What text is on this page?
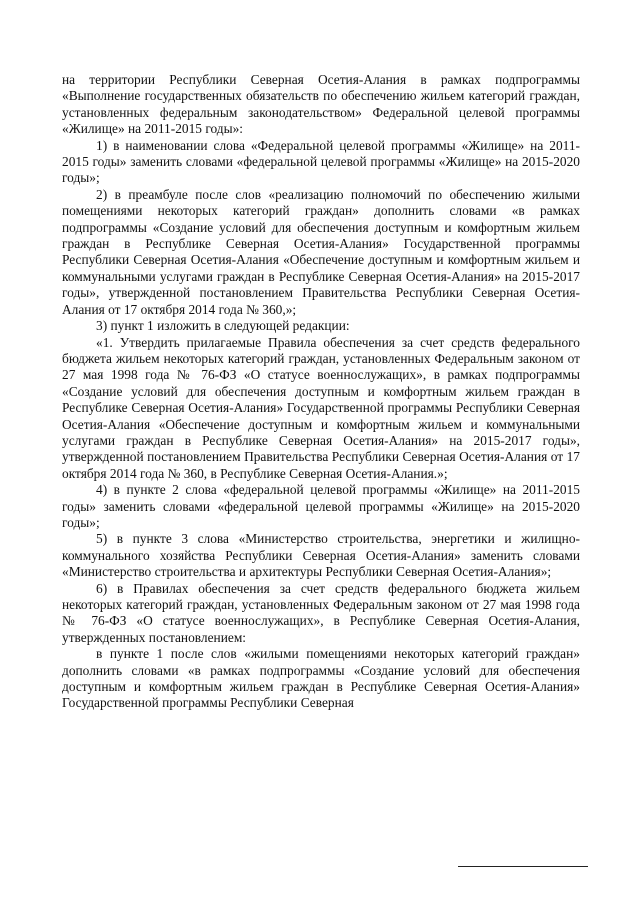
на территории Республики Северная Осетия-Алания в рамках подпрограммы «Выполнение государственных обязательств по обеспечению жильем категорий граждан, установленных федеральным законодательством» Федеральной целевой программы «Жилище» на 2011-2015 годы»:

1) в наименовании слова «Федеральной целевой программы «Жилище» на 2011-2015 годы» заменить словами «федеральной целевой программы «Жилище» на 2015-2020 годы»;

2) в преамбуле после слов «реализацию полномочий по обеспечению жилыми помещениями некоторых категорий граждан» дополнить словами «в рамках подпрограммы «Создание условий для обеспечения доступным и комфортным жильем граждан в Республике Северная Осетия-Алания» Государственной программы Республики Северная Осетия-Алания «Обеспечение доступным и комфортным жильем и коммунальными услугами граждан в Республике Северная Осетия-Алания» на 2015-2017 годы», утвержденной постановлением Правительства Республики Северная Осетия-Алания от 17 октября 2014 года № 360,»;

3) пункт 1 изложить в следующей редакции:

«1. Утвердить прилагаемые Правила обеспечения за счет средств федерального бюджета жильем некоторых категорий граждан, установленных Федеральным законом от 27 мая 1998 года № 76-ФЗ «О статусе военнослужащих», в рамках подпрограммы «Создание условий для обеспечения доступным и комфортным жильем граждан в Республике Северная Осетия-Алания» Государственной программы Республики Северная Осетия-Алания «Обеспечение доступным и комфортным жильем и коммунальными услугами граждан в Республике Северная Осетия-Алания» на 2015-2017 годы», утвержденной постановлением Правительства Республики Северная Осетия-Алания от 17 октября 2014 года № 360, в Республике Северная Осетия-Алания.»;

4) в пункте 2 слова «федеральной целевой программы «Жилище» на 2011-2015 годы» заменить словами «федеральной целевой программы «Жилище» на 2015-2020 годы»;

5) в пункте 3 слова «Министерство строительства, энергетики и жилищно-коммунального хозяйства Республики Северная Осетия-Алания» заменить словами «Министерство строительства и архитектуры Республики Северная Осетия-Алания»;

6) в Правилах обеспечения за счет средств федерального бюджета жильем некоторых категорий граждан, установленных Федеральным законом от 27 мая 1998 года № 76-ФЗ «О статусе военнослужащих», в Республике Северная Осетия-Алания, утвержденных постановлением:

в пункте 1 после слов «жилыми помещениями некоторых категорий граждан» дополнить словами «в рамках подпрограммы «Создание условий для обеспечения доступным и комфортным жильем граждан в Республике Северная Осетия-Алания» Государственной программы Республики Северная
